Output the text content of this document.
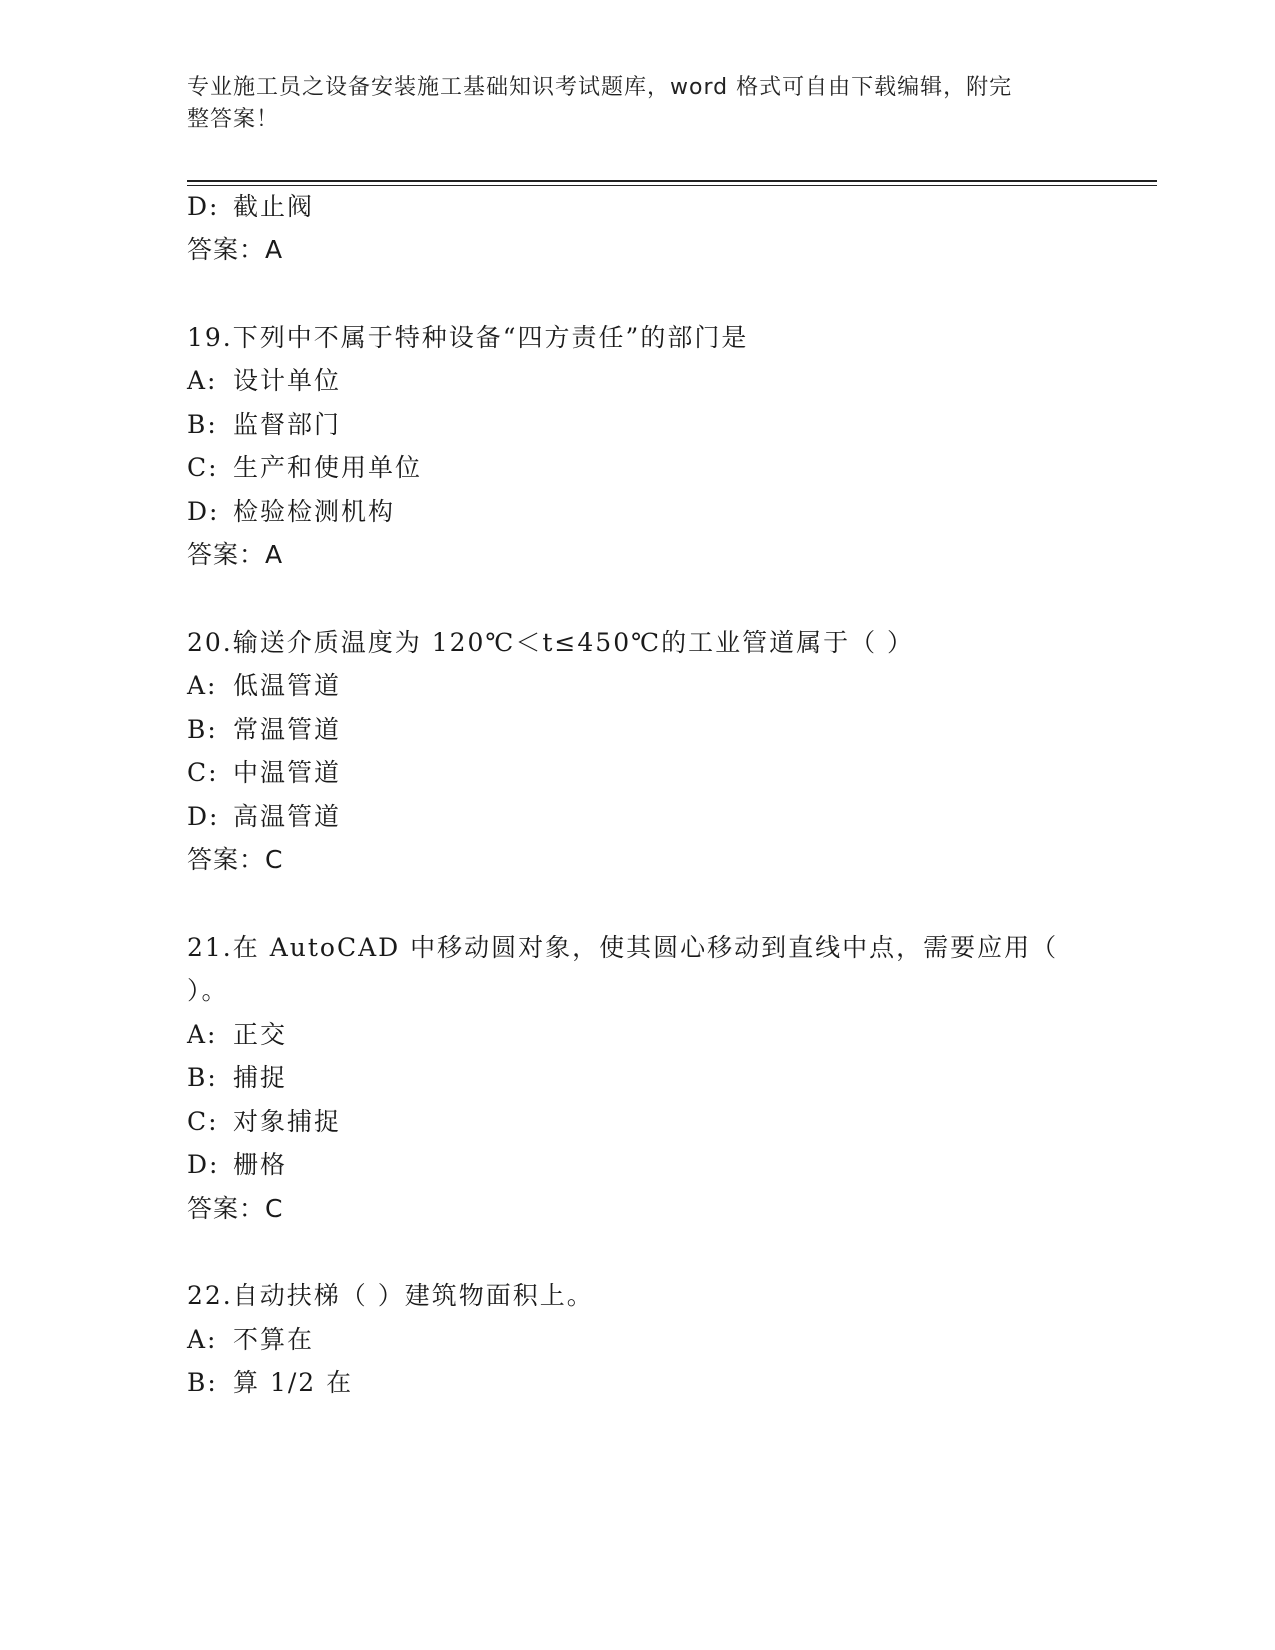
专业施工员之设备安装施工基础知识考试题库，word 格式可自由下载编辑，附完
整答案！
D: 截止阀
答案：A
19.下列中不属于特种设备“四方责任”的部门是
A: 设计单位
B: 监督部门
C: 生产和使用单位
D: 检验检测机构
答案：A
20.输送介质温度为 120℃＜t≤450℃的工业管道属于（ ）
A: 低温管道
B: 常温管道
C: 中温管道
D: 高温管道
答案：C
21.在 AutoCAD 中移动圆对象，使其圆心移动到直线中点，需要应用（
）。
A: 正交
B: 捕捉
C: 对象捕捉
D: 栅格
答案：C
22.自动扶梯（ ）建筑物面积上。
A: 不算在
B: 算 1/2 在
